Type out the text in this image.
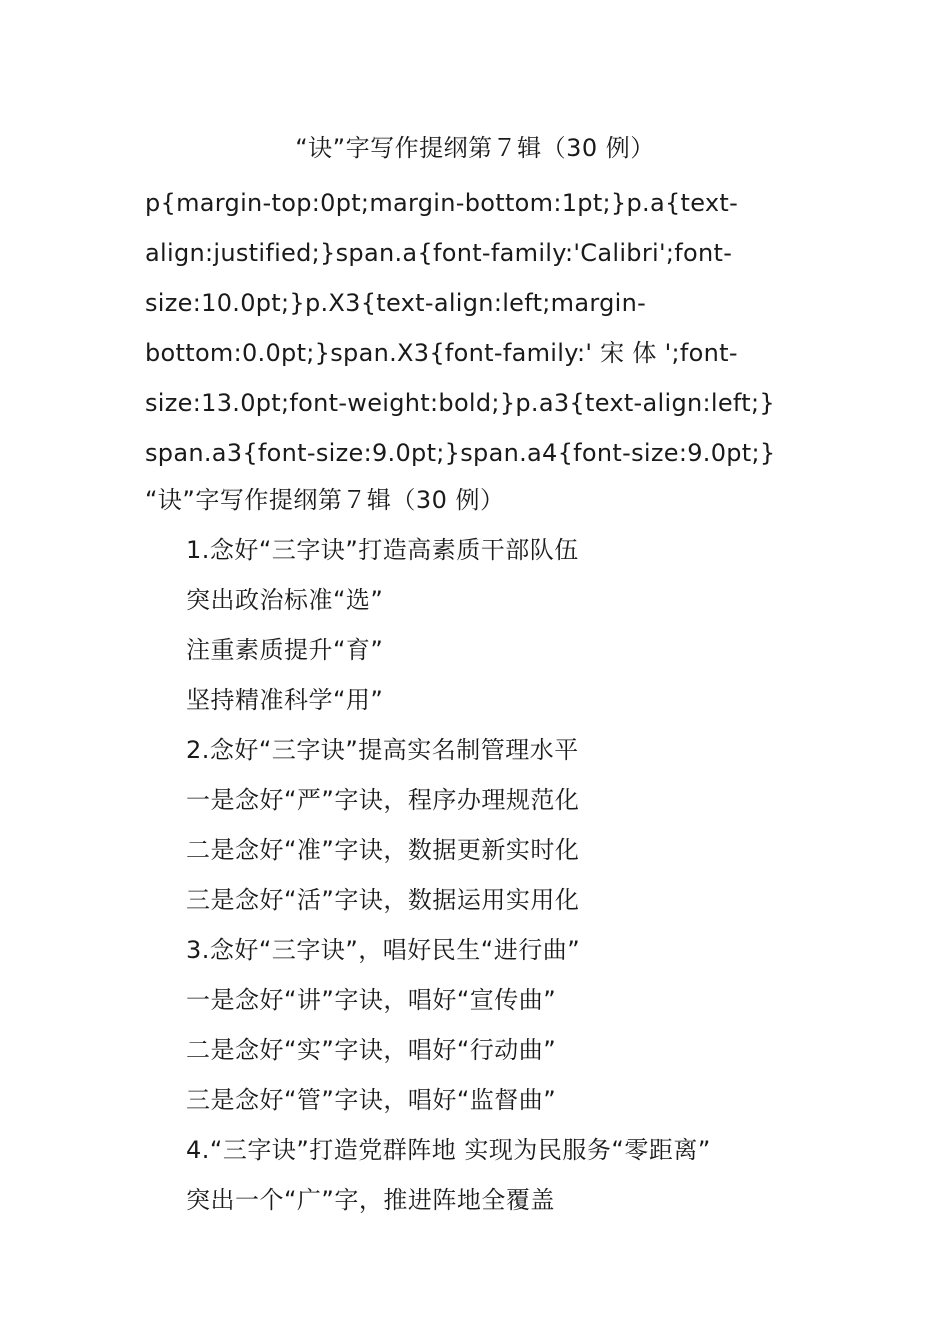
“诀”字写作提纲第７辑（30 例）
p{margin-top:0pt;margin-bottom:1pt;}p.a{text-
align:justified;}span.a{font-family:'Calibri';font-
size:10.0pt;}p.X3{text-align:left;margin-
bottom:0.0pt;}span.X3{font-family:' 宋 体 ';font-
size:13.0pt;font-weight:bold;}p.a3{text-align:left;}
span.a3{font-size:9.0pt;}span.a4{font-size:9.0pt;}
“诀”字写作提纲第７辑（30 例）
1.念好“三字诀”打造高素质干部队伍
突出政治标准“选”
注重素质提升“育”
坚持精准科学“用”
2.念好“三字诀”提高实名制管理水平
一是念好“严”字诀，程序办理规范化
二是念好“准”字诀，数据更新实时化
三是念好“活”字诀，数据运用实用化
3.念好“三字诀”，唱好民生“进行曲”
一是念好“讲”字诀，唱好“宣传曲”
二是念好“实”字诀，唱好“行动曲”
三是念好“管”字诀，唱好“监督曲”
4.“三字诀”打造党群阵地 实现为民服务“零距离”
突出一个“广”字，推进阵地全覆盖
